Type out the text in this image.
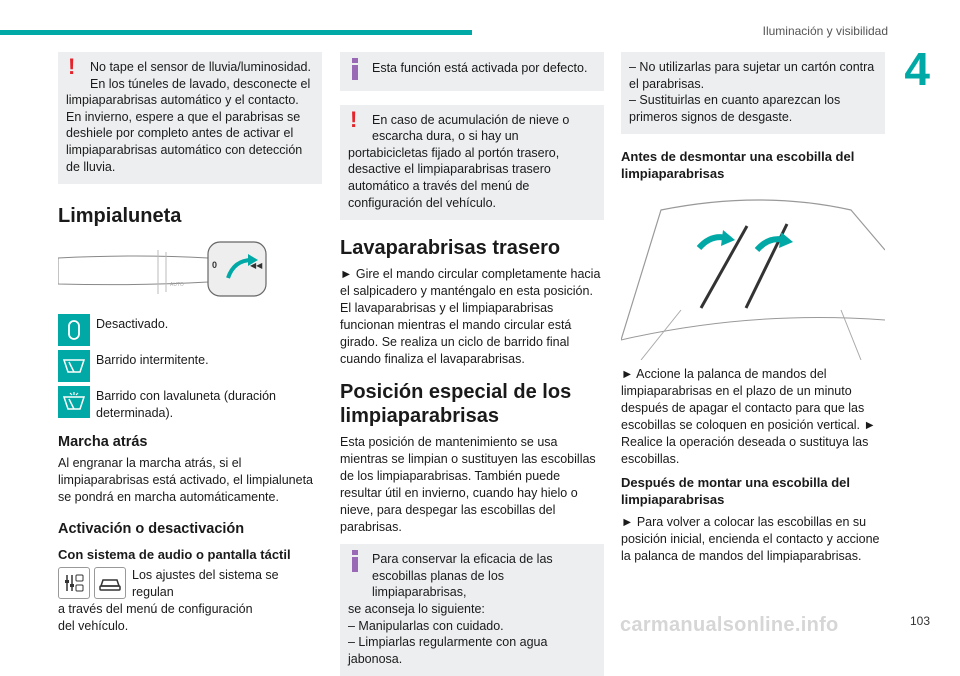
Iluminación y visibilidad
4
!	No tape el sensor de lluvia/luminosidad.

En los túneles de lavado, desconecte el

limpiaparabrisas automático y el contacto. En invierno, espere a que el parabrisas se deshiele por completo antes de activar el limpiaparabrisas automático con detección de lluvia.

Limpialuneta
AUTO
0	◀◀
Desactivado.
Barrido intermitente.
Barrido con lavaluneta (duración determinada).
Marcha atrás

Al engranar la marcha atrás, si el limpiaparabrisas está activado, el limpialuneta se pondrá en marcha automáticamente.

Activación o desactivación
Con sistema de audio o pantalla táctil

Los ajustes del sistema se regulan

a través del menú de configuración

del vehículo.

Esta función está activada por defecto.

!	En caso de acumulación de nieve o

escarcha dura, o si hay un

portabicicletas fijado al portón trasero, desactive el limpiaparabrisas trasero automático a través del menú de configuración del vehículo.

Lavaparabrisas trasero

► Gire el mando circular completamente hacia el salpicadero y manténgalo en esta posición. El lavaparabrisas y el limpiaparabrisas funcionan mientras el mando circular está girado. Se realiza un ciclo de barrido final cuando finaliza el lavaparabrisas.

Posición especial de los limpiaparabrisas

Esta posición de mantenimiento se usa mientras se limpian o sustituyen las escobillas de los limpiaparabrisas. También puede resultar útil en invierno, cuando hay hielo o nieve, para despegar las escobillas del parabrisas.

Para conservar la eficacia de las

escobillas planas de los limpiaparabrisas,

se aconseja lo siguiente:

– Manipularlas con cuidado.

– Limpiarlas regularmente con agua jabonosa.

– No utilizarlas para sujetar un cartón contra el parabrisas.

– Sustituirlas en cuanto aparezcan los primeros signos de desgaste.

Antes de desmontar una escobilla del limpiaparabrisas

► Accione la palanca de mandos del limpiaparabrisas en el plazo de un minuto después de apagar el contacto para que las escobillas se coloquen en posición vertical. ► Realice la operación deseada o sustituya las escobillas.

Después de montar una escobilla del limpiaparabrisas

► Para volver a colocar las escobillas en su posición inicial, encienda el contacto y accione la palanca de mandos del limpiaparabrisas.

carmanualsonline.info	103
